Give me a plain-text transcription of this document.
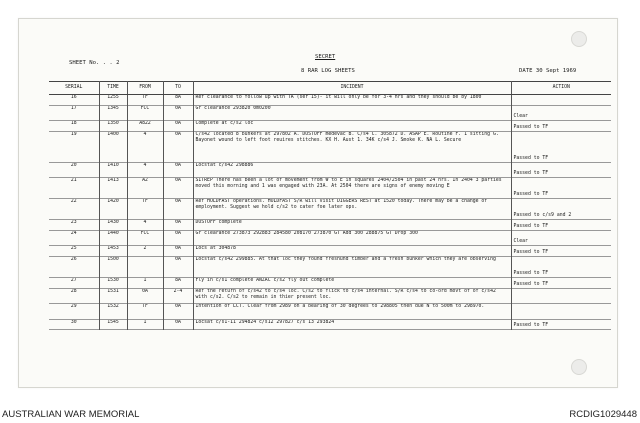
SECRET
8 RAR LOG SHEETS
SHEET No. . . 2
DATE 30 Sept 1969
SERIAL	TIME	FROM	TO	INCIDENT	ACTION
16	1255	TF	8A	Ref clearance to follow up with TA (ser 15)- it will only be for 3-4 hrs and they should be by 1800	
17	1345	FCC	0A	Gr clearance 293820 0m0200	Clear
18	1350	A822	0A	Complete at c/s2 loc	Passed to TF
19	1400	4	0A	C/s42 located 8 bunkers at 297802 A. DUSTOFF medevac B. C/s4 C. 305872 D. ASAP E. Routine F. 1 sitting G. Bayonet wound to left foot reuires stitches. KX H. Aust 1. 34K c/s4 J. Smoke K. NA L. Secure	Passed to TF
20	1410	4	0A	Locstat c/s42 298886	Passed to TF
21	1413	A2	0A	SITREP There has been a lot of movement from W to E in squares 2404/2504 in past 24 hrs. In 2404 3 parties moved this morning and 1 was engaged with 23A. At 2504 there are signs of enemy moving E	Passed to TF
22	1420	TF	0A	Ref HOLDFAST operations. HOLDFAST S/R will visit DIGGERS REST at 1520 today. There may be a change of employment. Suggest we hold c/s2 to cater foe later ops.	Passed to c/s9 and 2
23	1430	4	0A	DUSTOFF complete	Passed to TF
24	1440	FCC	0A	Gr clearance 273873 292883 284580 208170 273870 GT Add 300 288875 GT Drop 300	Clear
25	1453	2	0A	Locs at 304878	Passed to TF
26	1500		0A	Locstat c/s42 299885. At that loc they found freshund timber and a fresh bunker which they are observing	Passed to TF
27	1530	1	8A	Fly in c/s1 complete ANZAC c/s2 fly out complete	Passed to TF
28	1531	0A	2-4	Ref the return of c/s42 to c/s4 loc. C/s2 to flick to c/s4 internal. S/R c/s4 to co-ord movt of of c/s42 with c/s2. C/s2 to remain in thier present loc.	
29	1532	TF	0A	Intention of LCT. Clear from 2989 on a bearing of 30 degrees to 298805 then due N to 500m to 298970.	
30	1545	1	0A	Locsat c/s1-11 294824 c/s12 297827 c/s 13 293824	Passed to TF
AUSTRALIAN WAR MEMORIAL	RCDIG1029448
